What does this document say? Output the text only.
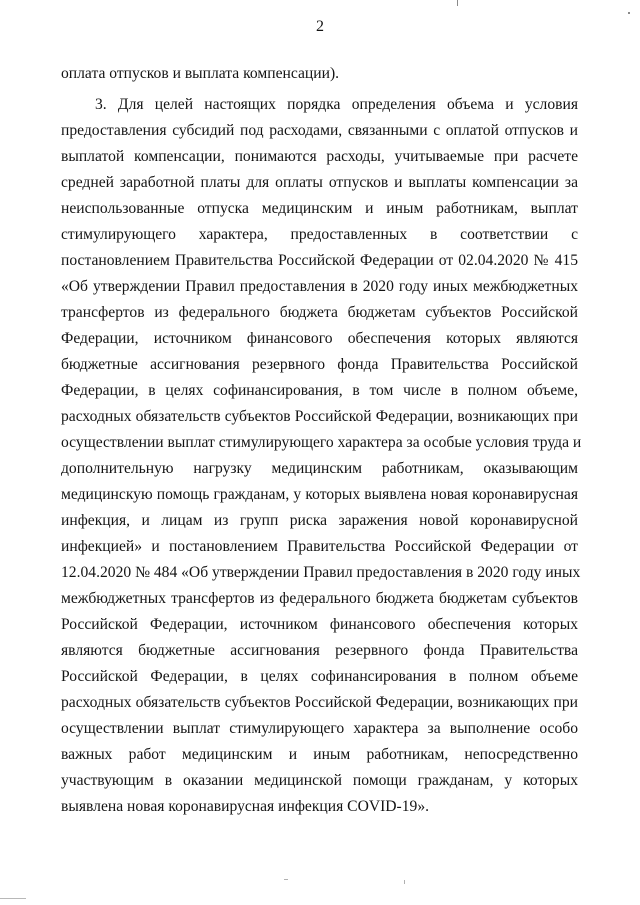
2
оплата отпусков и выплата компенсации).
3. Для целей настоящих порядка определения объема и условия
предоставления субсидий под расходами, связанными с оплатой отпусков и
выплатой компенсации, понимаются расходы, учитываемые при расчете
средней заработной платы для оплаты отпусков и выплаты компенсации за
неиспользованные отпуска медицинским и иным работникам, выплат
стимулирующего характера, предоставленных в соответствии с
постановлением Правительства Российской Федерации от 02.04.2020 № 415
«Об утверждении Правил предоставления в 2020 году иных межбюджетных
трансфертов из федерального бюджета бюджетам субъектов Российской
Федерации, источником финансового обеспечения которых являются
бюджетные ассигнования резервного фонда Правительства Российской
Федерации, в целях софинансирования, в том числе в полном объеме,
расходных обязательств субъектов Российской Федерации, возникающих при
осуществлении выплат стимулирующего характера за особые условия труда и
дополнительную нагрузку медицинским работникам, оказывающим
медицинскую помощь гражданам, у которых выявлена новая коронавирусная
инфекция, и лицам из групп риска заражения новой коронавирусной
инфекцией» и постановлением Правительства Российской Федерации от
12.04.2020 № 484 «Об утверждении Правил предоставления в 2020 году иных
межбюджетных трансфертов из федерального бюджета бюджетам субъектов
Российской Федерации, источником финансового обеспечения которых
являются бюджетные ассигнования резервного фонда Правительства
Российской Федерации, в целях софинансирования в полном объеме
расходных обязательств субъектов Российской Федерации, возникающих при
осуществлении выплат стимулирующего характера за выполнение особо
важных работ медицинским и иным работникам, непосредственно
участвующим в оказании медицинской помощи гражданам, у которых
выявлена новая коронавирусная инфекция COVID-19».
